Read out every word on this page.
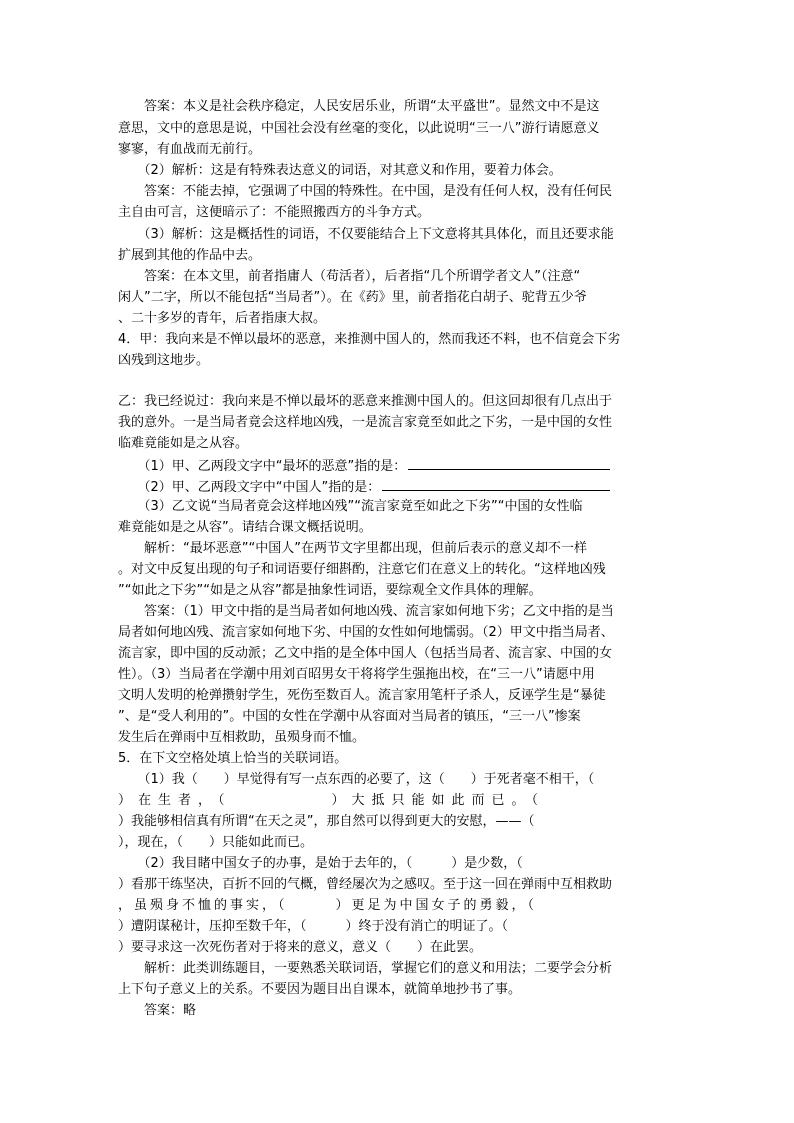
　　答案：本义是社会秩序稳定，人民安居乐业，所谓“太平盛世”。显然文中不是这
意思，文中的意思是说，中国社会没有丝毫的变化，以此说明“三一八”游行请愿意义
寥寥，有血战而无前行。
　　（2）解析：这是有特殊表达意义的词语，对其意义和作用，要着力体会。
　　答案：不能去掉，它强调了中国的特殊性。在中国，是没有任何人权，没有任何民
主自由可言，这便暗示了：不能照搬西方的斗争方式。
　　（3）解析：这是概括性的词语，不仅要能结合上下文意将其具体化，而且还要求能
扩展到其他的作品中去。
　　答案：在本文里，前者指庸人（苟活者），后者指“几个所谓学者文人”（注意“
闲人”二字，所以不能包括“当局者”）。在《药》里，前者指花白胡子、驼背五少爷
、二十多岁的青年，后者指康大叔。
4．甲：我向来是不惮以最坏的恶意，来推测中国人的，然而我还不料，也不信竟会下劣
凶残到这地步。
乙：我已经说过：我向来是不惮以最坏的恶意来推测中国人的。但这回却很有几点出于
我的意外。一是当局者竟会这样地凶残，一是流言家竟至如此之下劣，一是中国的女性
临难竟能如是之从容。
　　（1）甲、乙两段文字中“最坏的恶意”指的是：
　　（2）甲、乙两段文字中“中国人”指的是：
　　（3）乙文说“当局者竟会这样地凶残”“流言家竟至如此之下劣”“中国的女性临
难竟能如是之从容”。请结合课文概括说明。
　　解析：“最坏恶意”“中国人”在两节文字里都出现，但前后表示的意义却不一样
。对文中反复出现的句子和词语要仔细斟酌，注意它们在意义上的转化。“这样地凶残
”“如此之下劣”“如是之从容”都是抽象性词语，要综观全文作具体的理解。
　　答案：（1）甲文中指的是当局者如何地凶残、流言家如何地下劣；乙文中指的是当
局者如何地凶残、流言家如何地下劣、中国的女性如何地懦弱。（2）甲文中指当局者、
流言家，即中国的反动派；乙文中指的是全体中国人（包括当局者、流言家、中国的女
性）。（3）当局者在学潮中用刘百昭男女干将将学生强拖出校，在“三一八”请愿中用
文明人发明的枪弹攒射学生，死伤至数百人。流言家用笔杆子杀人，反诬学生是“暴徒
”、是“受人利用的”。中国的女性在学潮中从容面对当局者的镇压，“三一八”惨案
发生后在弹雨中互相救助，虽殒身而不恤。
5．在下文空格处填上恰当的关联词语。
　　（1）我（　　）早觉得有写一点东西的必要了，这（　　）于死者毫不相干，（
）在生者，（　　　　　）大抵只能如此而已。（
）我能够相信真有所谓“在天之灵”，那自然可以得到更大的安慰，——（
），现在，（　　）只能如此而已。
　　（2）我目睹中国女子的办事，是始于去年的，（　　　）是少数，（
）看那干练坚决，百折不回的气概，曾经屡次为之感叹。至于这一回在弹雨中互相救助
，虽殒身不恤的事实，（　　　）更足为中国女子的勇毅，（
）遭阴谋秘计，压抑至数千年，（　　　）终于没有消亡的明证了。（
）要寻求这一次死伤者对于将来的意义，意义（　　）在此罢。
　　解析：此类训练题目，一要熟悉关联词语，掌握它们的意义和用法；二要学会分析
上下句子意义上的关系。不要因为题目出自课本，就简单地抄书了事。
　　答案：略
